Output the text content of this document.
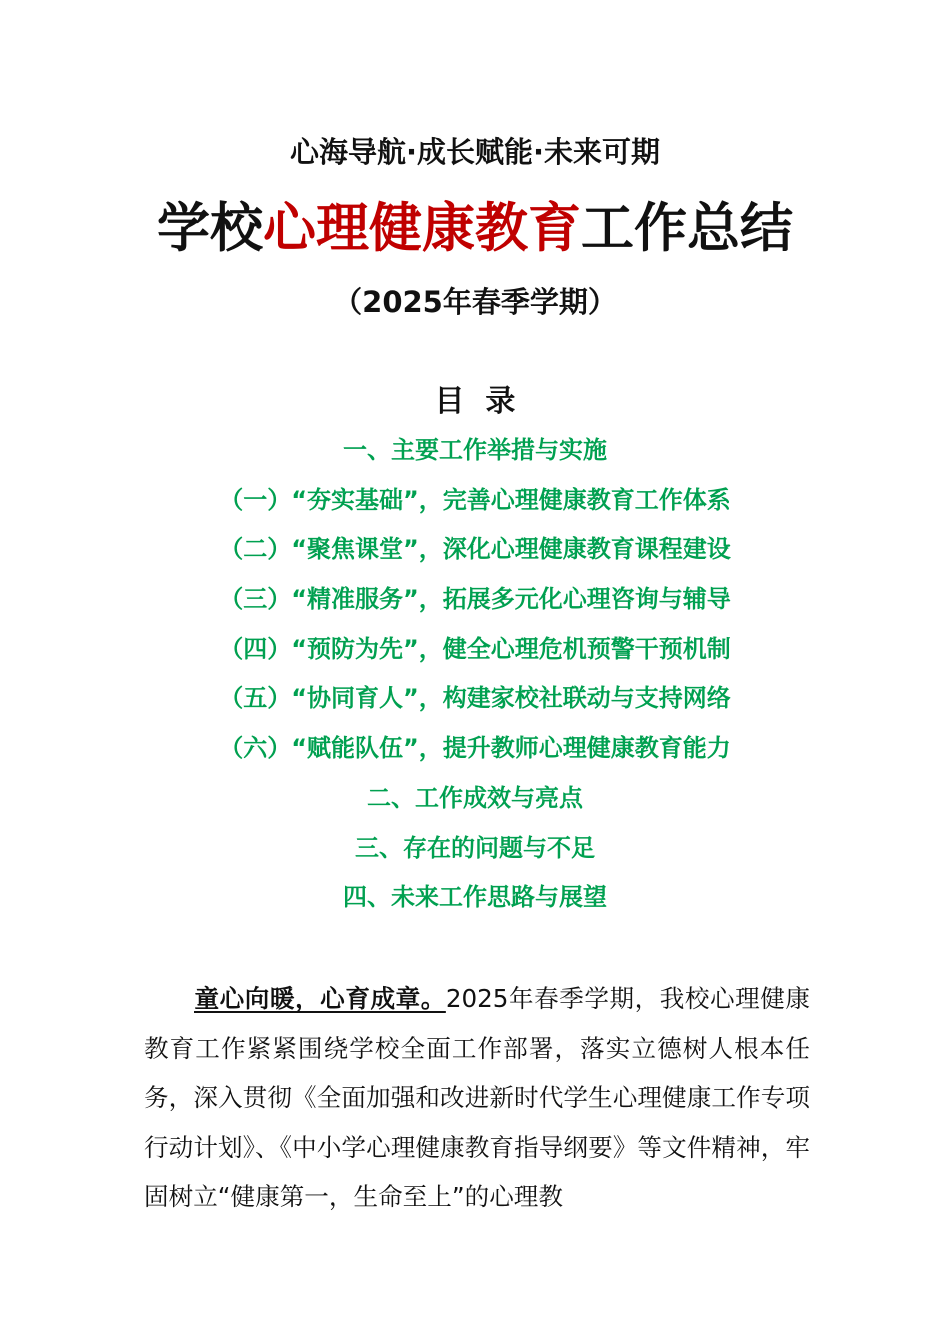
心海导航·成长赋能·未来可期
学校心理健康教育工作总结
（2025年春季学期）
目  录
一、主要工作举措与实施
（一）“夯实基础”，完善心理健康教育工作体系
（二）“聚焦课堂”，深化心理健康教育课程建设
（三）“精准服务”，拓展多元化心理咨询与辅导
（四）“预防为先”，健全心理危机预警干预机制
（五）“协同育人”，构建家校社联动与支持网络
（六）“赋能队伍”，提升教师心理健康教育能力
二、工作成效与亮点
三、存在的问题与不足
四、未来工作思路与展望

童心向暖，心育成章。2025年春季学期，我校心理健康教育工作紧紧围绕学校全面工作部署，落实立德树人根本任务，深入贯彻《全面加强和改进新时代学生心理健康工作专项行动计划》、《中小学心理健康教育指导纲要》等文件精神，牢固树立“健康第一，生命至上”的心理教
